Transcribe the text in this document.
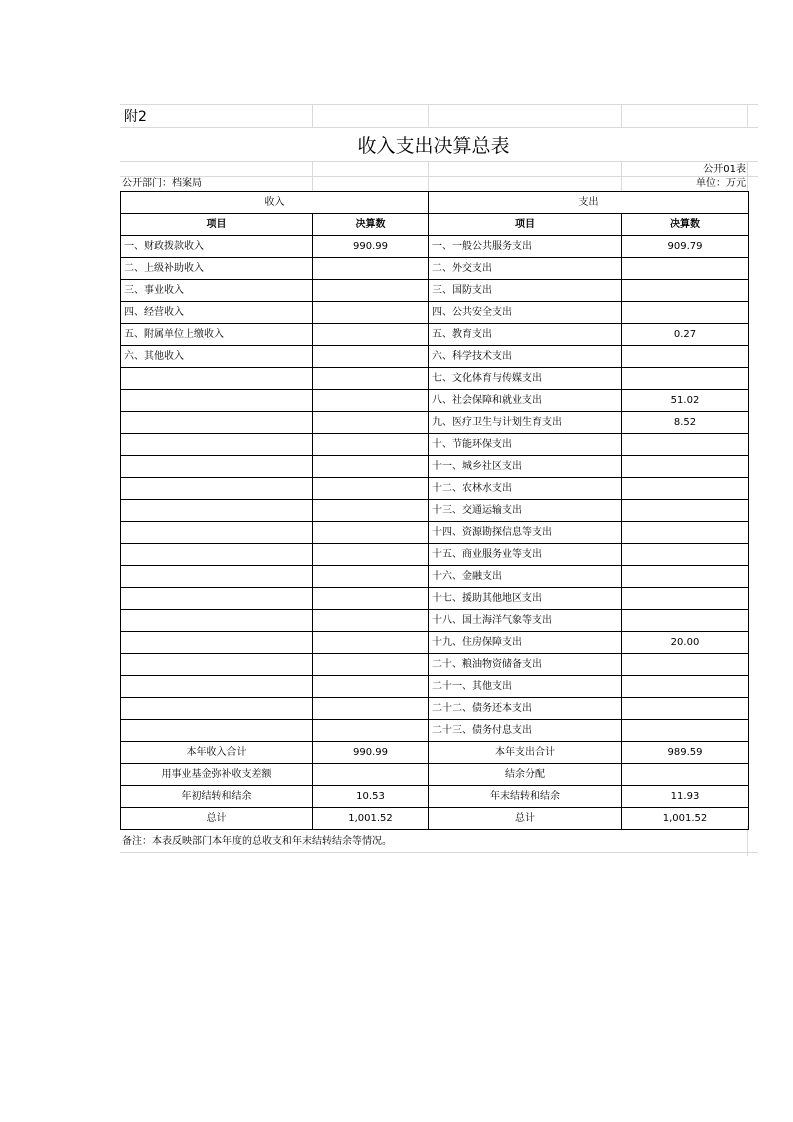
附2
收入支出决算总表
公开01表
公开部门：档案局	单位：万元
收入		支出	
项目	决算数	项目	决算数
一、财政拨款收入	990.99	一、一般公共服务支出	909.79
二、上级补助收入		二、外交支出	
三、事业收入		三、国防支出	
四、经营收入		四、公共安全支出	
五、附属单位上缴收入		五、教育支出	0.27
六、其他收入		六、科学技术支出	
		七、文化体育与传媒支出	
		八、社会保障和就业支出	51.02
		九、医疗卫生与计划生育支出	8.52
		十、节能环保支出	
		十一、城乡社区支出	
		十二、农林水支出	
		十三、交通运输支出	
		十四、资源勘探信息等支出	
		十五、商业服务业等支出	
		十六、金融支出	
		十七、援助其他地区支出	
		十八、国土海洋气象等支出	
		十九、住房保障支出	20.00
		二十、粮油物资储备支出	
		二十一、其他支出	
		二十二、债务还本支出	
		二十三、债务付息支出	
本年收入合计	990.99	本年支出合计	989.59
用事业基金弥补收支差额		结余分配	
年初结转和结余	10.53	年末结转和结余	11.93
总计	1,001.52	总计	1,001.52
备注：本表反映部门本年度的总收支和年末结转结余等情况。
